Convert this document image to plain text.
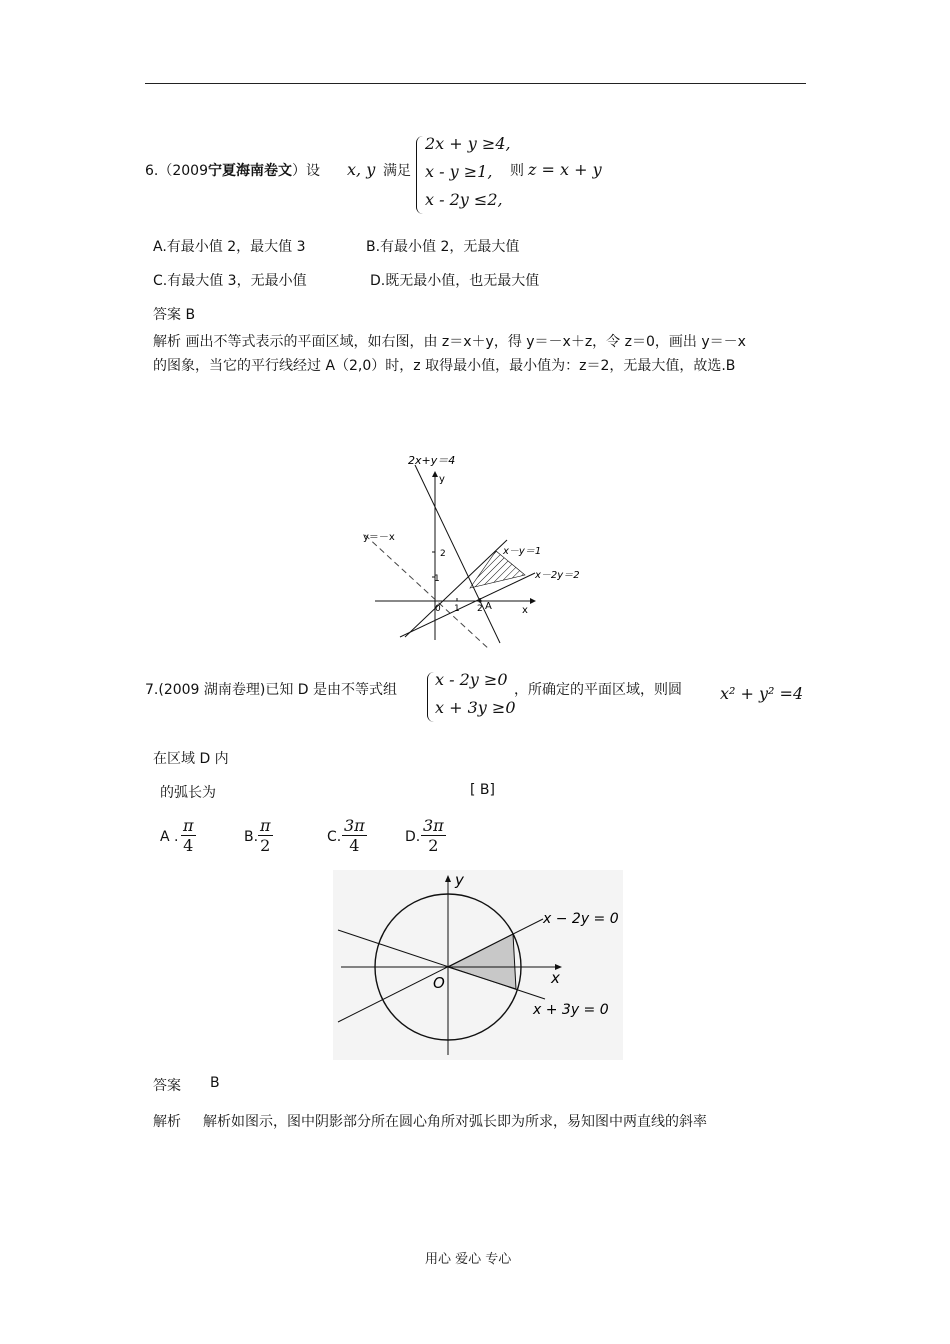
6.（2009宁夏海南卷文）设 x, y 满足
2x + y ≥4,
x - y ≥1,
x - 2y ≤2,
则 z = x + y
A.有最小值 2，最大值 3	B.有最小值 2，无最大值
C.有最大值 3，无最小值	D.既无最小值，也无最大值
答案 B
解析 画出不等式表示的平面区域，如右图，由 z＝x＋y，得 y＝－x＋z，令 z＝0，画出 y＝－x
的图象，当它的平行线经过 A（2,0）时，z 取得最小值，最小值为：z＝2，无最大值，故选.B
2x+y＝4
y
y＝－x
x－y＝1
x－2y＝2
2
1
0 1 2 A	x
7.(2009 湖南卷理)已知 D 是由不等式组
x - 2y ≥0
x + 3y ≥0
，所确定的平面区域，则圆 x² + y² =4
在区域 D 内
的弧长为	[ B]
A . $\frac{\pi}{4}$	B. $\frac{\pi}{2}$	C. $\frac{3\pi}{4}$	D. $\frac{3\pi}{2}$
y
x
O
x − 2y = 0
x + 3y = 0
答案 B
解析 解析如图示，图中阴影部分所在圆心角所对弧长即为所求，易知图中两直线的斜率
用心 爱心 专心
